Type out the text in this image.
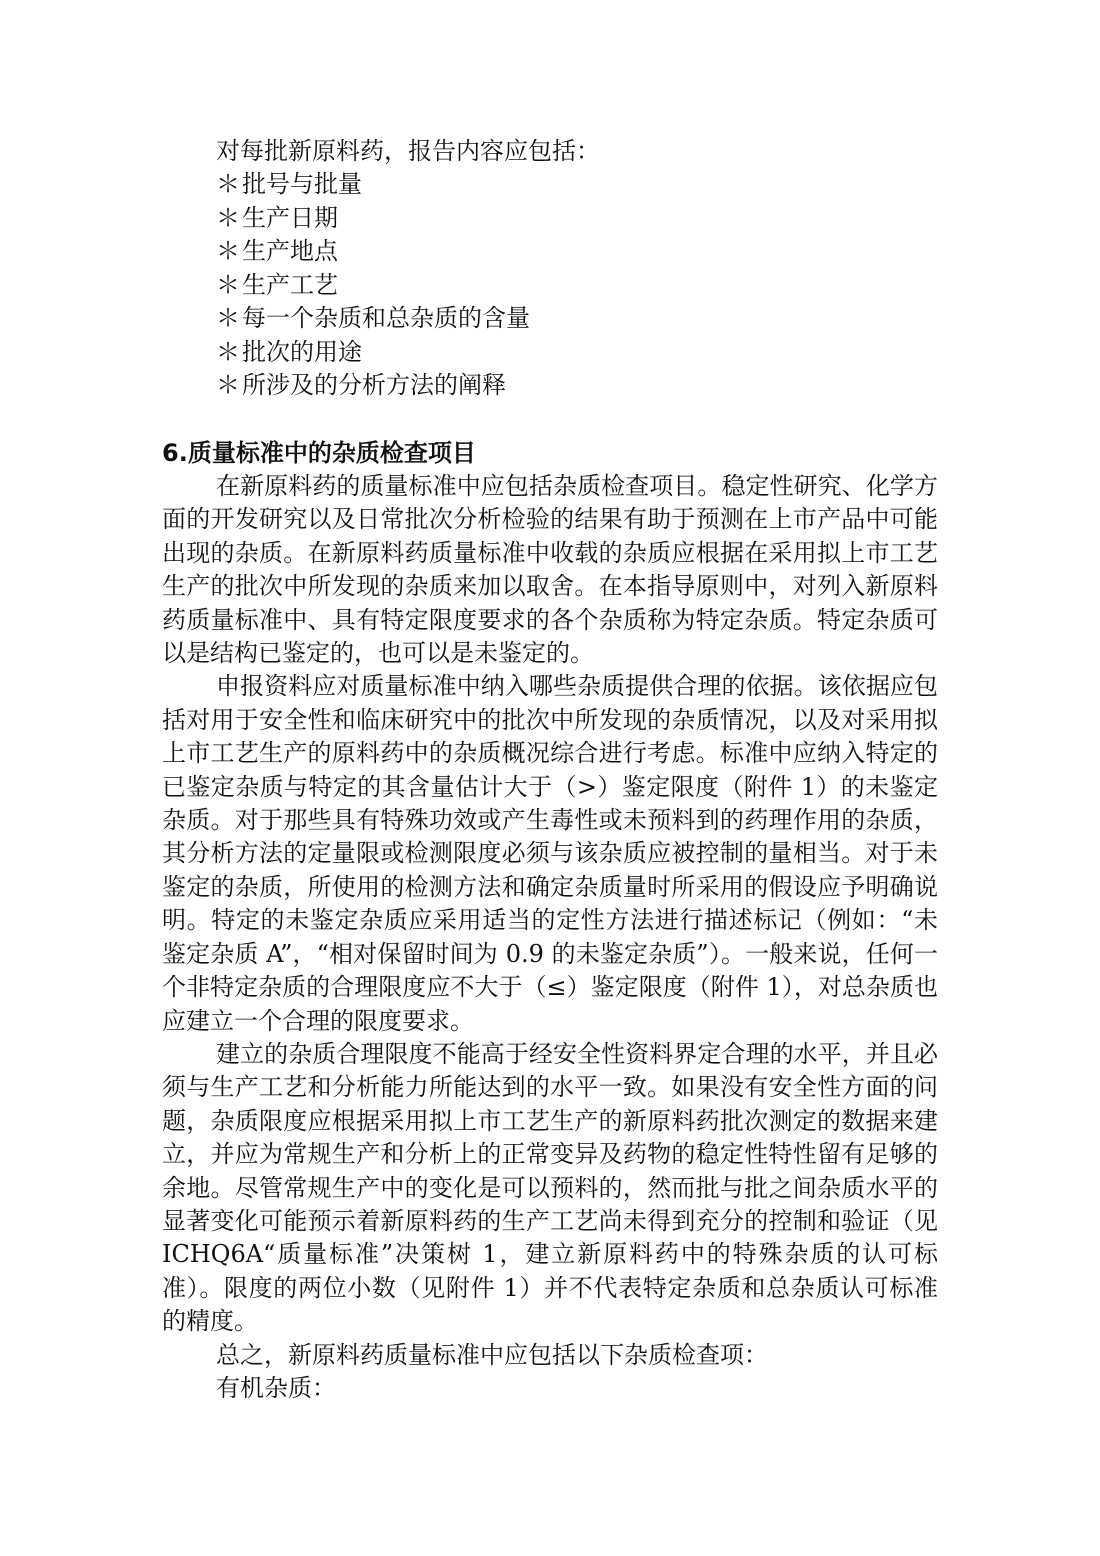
对每批新原料药，报告内容应包括：
＊批号与批量
＊生产日期
＊生产地点
＊生产工艺
＊每一个杂质和总杂质的含量
＊批次的用途
＊所涉及的分析方法的阐释
6.质量标准中的杂质检查项目

在新原料药的质量标准中应包括杂质检查项目。稳定性研究、化学方面的开发研究以及日常批次分析检验的结果有助于预测在上市产品中可能出现的杂质。在新原料药质量标准中收载的杂质应根据在采用拟上市工艺生产的批次中所发现的杂质来加以取舍。在本指导原则中，对列入新原料药质量标准中、具有特定限度要求的各个杂质称为特定杂质。特定杂质可以是结构已鉴定的，也可以是未鉴定的。

申报资料应对质量标准中纳入哪些杂质提供合理的依据。该依据应包括对用于安全性和临床研究中的批次中所发现的杂质情况，以及对采用拟上市工艺生产的原料药中的杂质概况综合进行考虑。标准中应纳入特定的已鉴定杂质与特定的其含量估计大于（>）鉴定限度（附件 1）的未鉴定杂质。对于那些具有特殊功效或产生毒性或未预料到的药理作用的杂质，其分析方法的定量限或检测限度必须与该杂质应被控制的量相当。对于未鉴定的杂质，所使用的检测方法和确定杂质量时所采用的假设应予明确说明。特定的未鉴定杂质应采用适当的定性方法进行描述标记（例如：“未鉴定杂质 A”，“相对保留时间为 0.9 的未鉴定杂质”）。一般来说，任何一个非特定杂质的合理限度应不大于（≤）鉴定限度（附件 1），对总杂质也应建立一个合理的限度要求。

建立的杂质合理限度不能高于经安全性资料界定合理的水平，并且必须与生产工艺和分析能力所能达到的水平一致。如果没有安全性方面的问题，杂质限度应根据采用拟上市工艺生产的新原料药批次测定的数据来建立，并应为常规生产和分析上的正常变异及药物的稳定性特性留有足够的余地。尽管常规生产中的变化是可以预料的，然而批与批之间杂质水平的显著变化可能预示着新原料药的生产工艺尚未得到充分的控制和验证（见 ICHQ6A“质量标准”决策树 1，建立新原料药中的特殊杂质的认可标准）。限度的两位小数（见附件 1）并不代表特定杂质和总杂质认可标准的精度。

总之，新原料药质量标准中应包括以下杂质检查项：

有机杂质：
